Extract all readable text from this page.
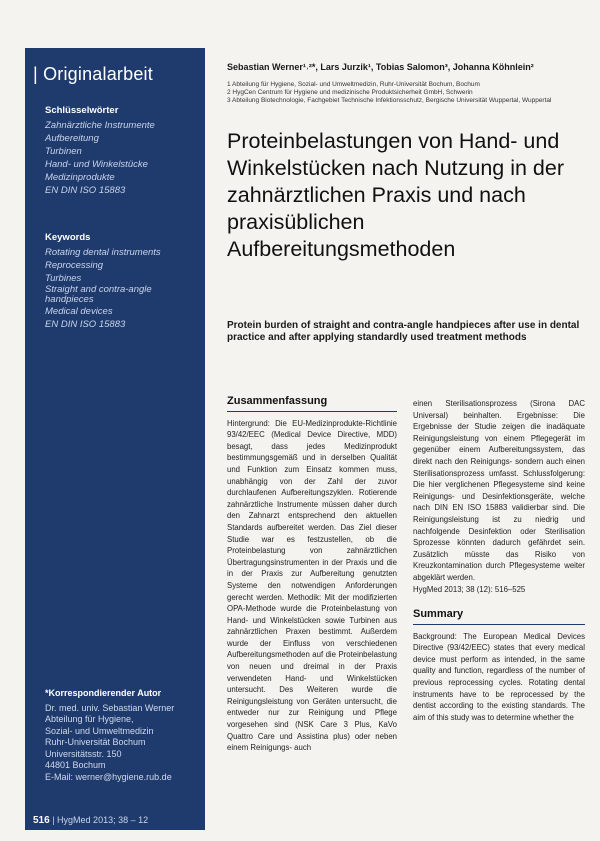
| Originalarbeit
Schlüsselwörter
Zahnärztliche Instrumente
Aufbereitung
Turbinen
Hand- und Winkelstücke
Medizinprodukte
EN DIN ISO 15883
Keywords
Rotating dental instruments
Reprocessing
Turbines
Straight and contra-angle handpieces
Medical devices
EN DIN ISO 15883
*Korrespondierender Autor
Dr. med. univ. Sebastian Werner
Abteilung für Hygiene,
Sozial- und Umweltmedizin
Ruhr-Universität Bochum
Universitätsstr. 150
44801 Bochum
E-Mail: werner@hygiene.rub.de
516 | HygMed 2013; 38 – 12
Sebastian Werner¹˒²*, Lars Jurzik¹, Tobias Salomon³, Johanna Köhnlein²
1 Abteilung für Hygiene, Sozial- und Umweltmedizin, Ruhr-Universität Bochum, Bochum
2 HygCen Centrum für Hygiene und medizinische Produktsicherheit GmbH, Schwerin
3 Abteilung Biotechnologie, Fachgebiet Technische Infektionsschutz, Bergische Universität Wuppertal, Wuppertal
Proteinbelastungen von Hand- und Winkelstücken nach Nutzung in der zahnärztlichen Praxis und nach praxisüblichen Aufbereitungsmethoden
Protein burden of straight and contra-angle handpieces after use in dental practice and after applying standardly used treatment methods
Zusammenfassung

Hintergrund: Die EU-Medizinprodukte-Richtlinie 93/42/EEC (Medical Device Directive, MDD) besagt, dass jedes Medizinprodukt bestimmungsgemäß und in derselben Qualität und Funktion zum Einsatz kommen muss, unabhängig von der Zahl der zuvor durchlaufenen Aufbereitungszyklen. Rotierende zahnärztliche Instrumente müssen daher durch den Zahnarzt entsprechend den aktuellen Standards aufbereitet werden. Das Ziel dieser Studie war es festzustellen, ob die Proteinbelastung von zahnärztlichen Übertragungsinstrumenten in der Praxis und die in der Praxis zur Aufbereitung genutzten Systeme den notwendigen Anforderungen gerecht werden. Methodik: Mit der modifizierten OPA-Methode wurde die Proteinbelastung von Hand- und Winkelstücken sowie Turbinen aus zahnärztlichen Praxen bestimmt. Außerdem wurde der Einfluss von verschiedenen Aufbereitungsmethoden auf die Proteinbelastung von neuen und dreimal in der Praxis verwendeten Hand- und Winkelstücken untersucht. Des Weiteren wurde die Reinigungsleistung von Geräten untersucht, die entweder nur zur Reinigung und Pflege vorgesehen sind (NSK Care 3 Plus, KaVo Quattro Care und Assistina plus) oder neben einem Reinigungs- auch

einen Sterilisationsprozess (Sirona DAC Universal) beinhalten. Ergebnisse: Die Ergebnisse der Studie zeigen die inadäquate Reinigungsleistung von einem Pflegegerät im gegenüber einem Aufbereitungssystem, das direkt nach den Reinigungs- sondern auch einen Sterilisationsprozess umfasst. Schlussfolgerung: Die hier verglichenen Pflegesysteme sind keine Reinigungs- und Desinfektionsgeräte, welche nach DIN EN ISO 15883 validierbar sind. Die Reinigungsleistung ist zu niedrig und nachfolgende Desinfektion oder Sterilisation Sprozesse könnten dadurch gefährdet sein. Zusätzlich müsste das Risiko von Kreuzkontamination durch Pflegesysteme weiter abgeklärt werden.

HygMed 2013; 38 (12): 516–525

Summary

Background: The European Medical Devices Directive (93/42/EEC) states that every medical device must perform as intended, in the same quality and function, regardless of the number of previous reprocessing cycles. Rotating dental instruments have to be reprocessed by the dentist according to the existing standards. The aim of this study was to determine whether the
